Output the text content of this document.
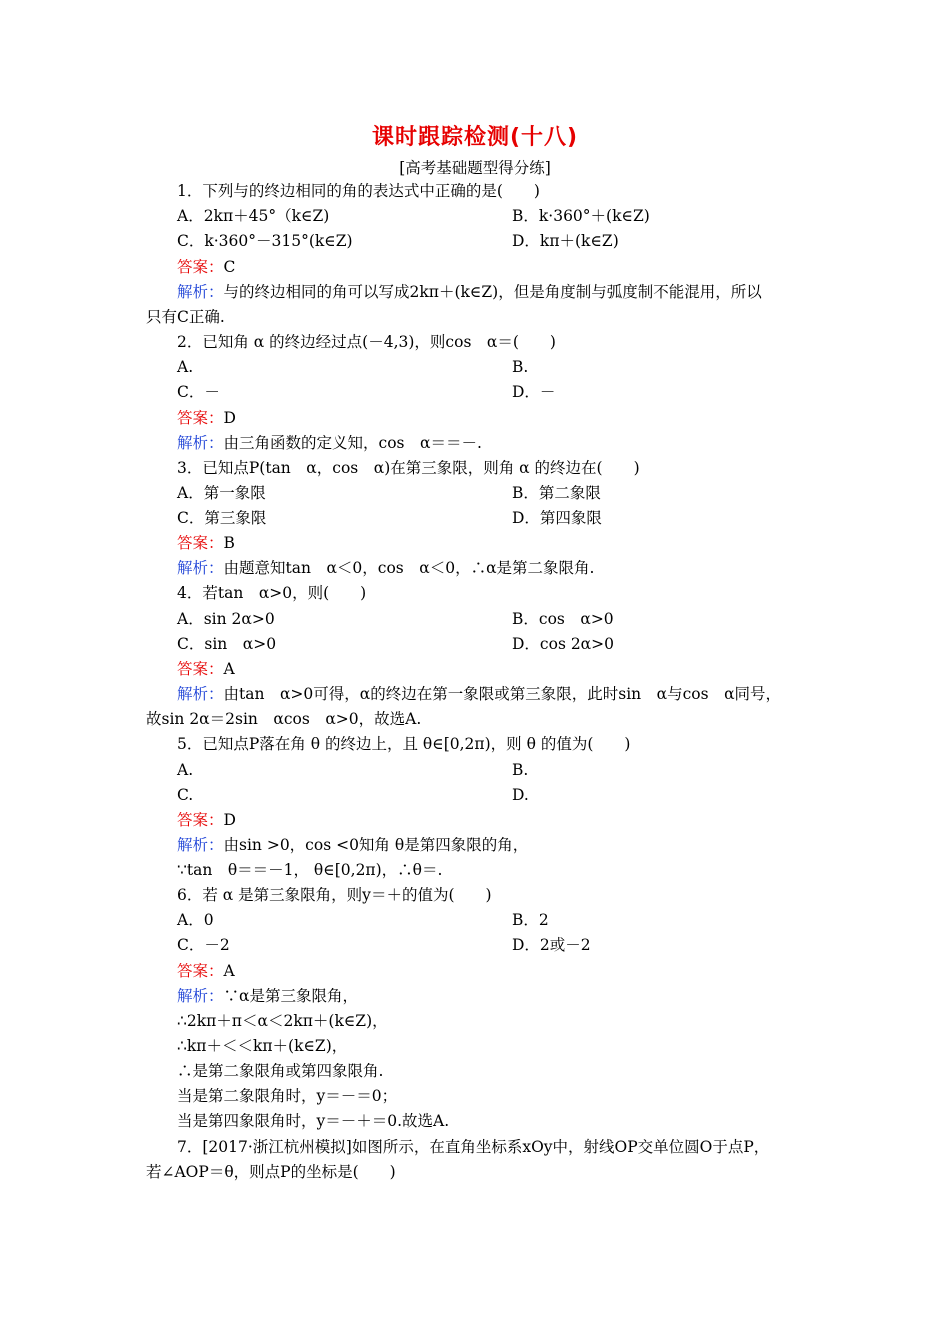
课时跟踪检测(十八)
[高考基础题型得分练]
1．下列与的终边相同的角的表达式中正确的是(　　)
A．2kπ＋45°（k∈Z)	B．k·360°＋(k∈Z)
C．k·360°－315°(k∈Z)	D．kπ＋(k∈Z)
答案：C
解析：与的终边相同的角可以写成2kπ＋(k∈Z)，但是角度制与弧度制不能混用，所以
只有C正确.
2．已知角 α 的终边经过点(－4,3)，则cos　α＝(　　)
A.	B.
C．－	D．－
答案：D
解析：由三角函数的定义知，cos　α＝＝－.
3．已知点P(tan　α，cos　α)在第三象限，则角 α 的终边在(　　)
A．第一象限	B．第二象限
C．第三象限	D．第四象限
答案：B
解析：由题意知tan　α＜0，cos　α＜0，∴α是第二象限角.
4．若tan　α>0，则(　　)
A．sin 2α>0	B．cos　α>0
C．sin　α>0	D．cos 2α>0
答案：A
解析：由tan　α>0可得，α的终边在第一象限或第三象限，此时sin　α与cos　α同号，
故sin 2α＝2sin　αcos　α>0，故选A.
5．已知点P落在角 θ 的终边上，且 θ∈[0,2π)，则 θ 的值为(　　)
A.	B.
C.	D.
答案：D
解析：由sin >0，cos <0知角 θ是第四象限的角，
∵tan　θ＝＝－1， θ∈[0,2π)，∴θ＝.
6．若 α 是第三象限角，则y＝＋的值为(　　)
A．0	B．2
C．－2	D．2或－2
答案：A
解析：∵α是第三象限角，
∴2kπ＋π＜α＜2kπ＋(k∈Z)，
∴kπ＋＜＜kπ＋(k∈Z)，
∴是第二象限角或第四象限角.
当是第二象限角时，y＝－＝0；
当是第四象限角时，y＝－＋＝0.故选A.
7．[2017·浙江杭州模拟]如图所示，在直角坐标系xOy中，射线OP交单位圆O于点P，
若∠AOP＝θ，则点P的坐标是(　　)
